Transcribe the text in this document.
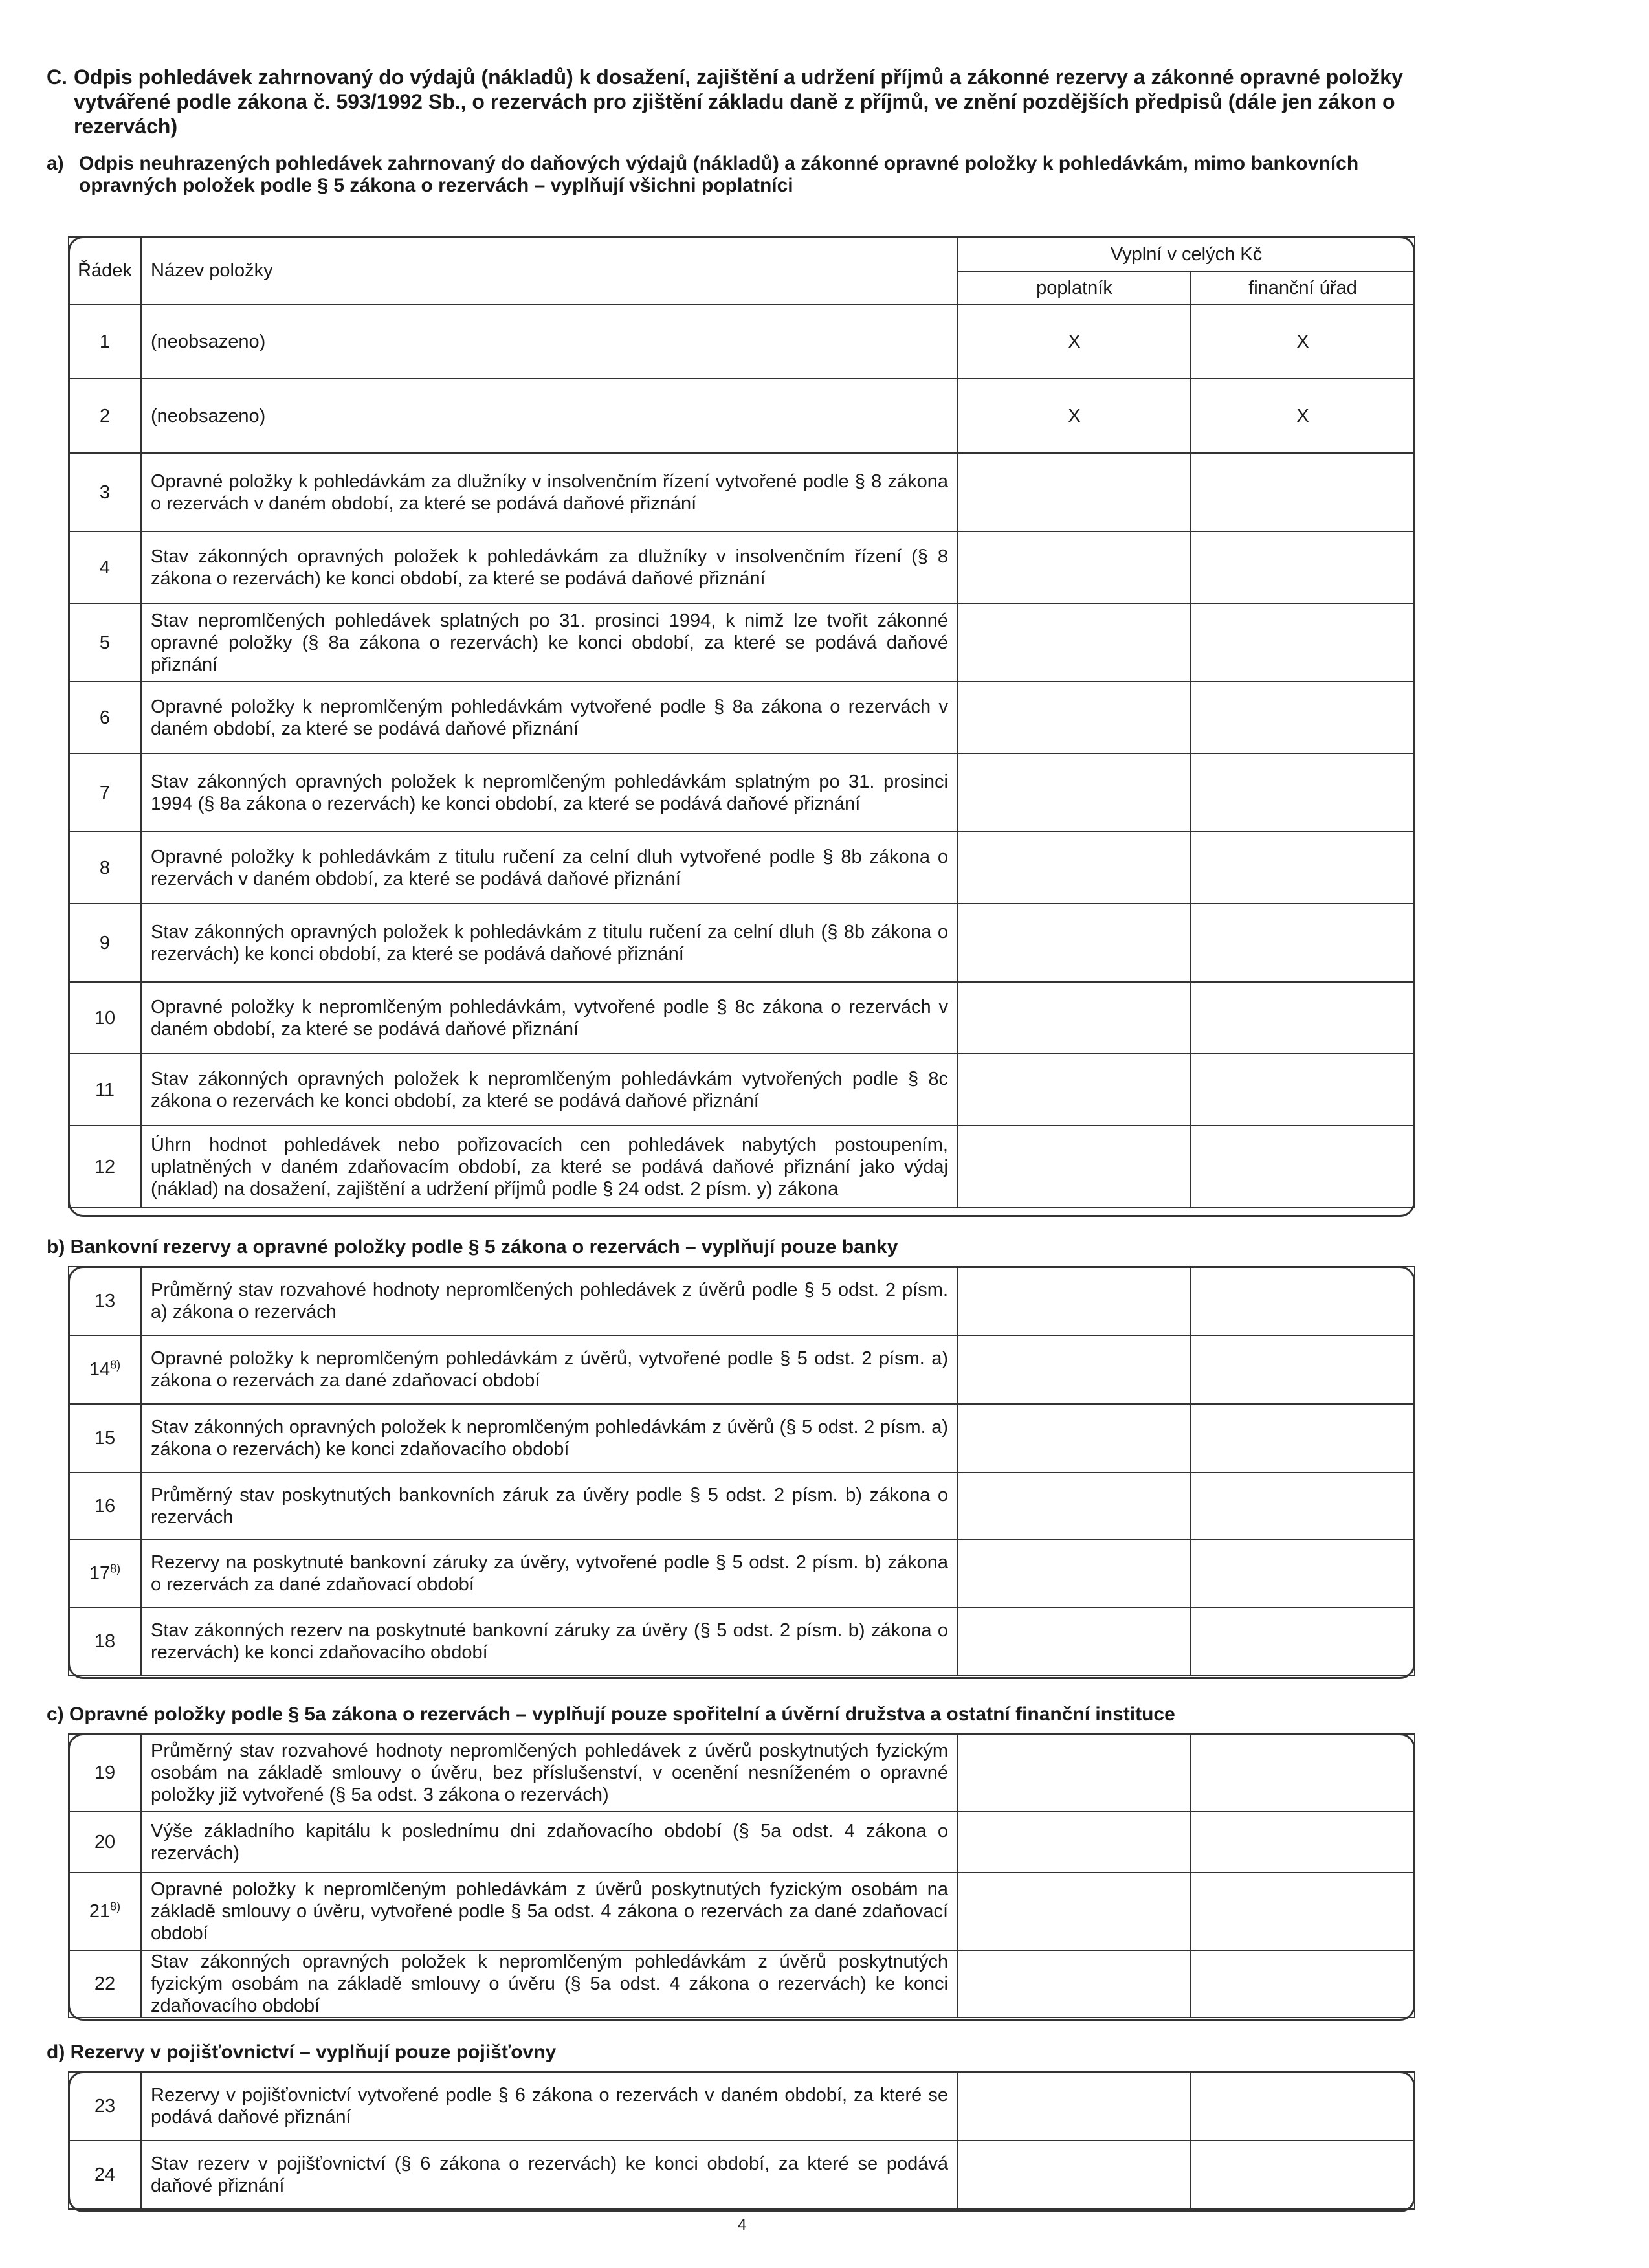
C. Odpis pohledávek zahrnovaný do výdajů (nákladů) k dosažení, zajištění a udržení příjmů a zákonné rezervy a zákonné opravné položky vytvářené podle zákona č. 593/1992 Sb., o rezervách pro zjištění základu daně z příjmů, ve znění pozdějších předpisů (dále jen zákon o rezervách)
a) Odpis neuhrazených pohledávek zahrnovaný do daňových výdajů (nákladů) a zákonné opravné položky k pohledávkám, mimo bankovních opravných položek podle § 5 zákona o rezervách – vyplňují všichni poplatníci
Řádek	Název položky	Vyplní v celých Kč	
		poplatník	finanční úřad
1	(neobsazeno)	X	X
2	(neobsazeno)	X	X
3	Opravné položky k pohledávkám za dlužníky v insolvenčním řízení vytvořené podle § 8 zákona o rezervách v daném období, za které se podává daňové přiznání		
4	Stav zákonných opravných položek k pohledávkám za dlužníky v insolvenčním řízení (§ 8 zákona o rezervách) ke konci období, za které se podává daňové přiznání		
5	Stav nepromlčených pohledávek splatných po 31. prosinci 1994, k nimž lze tvořit zákonné opravné položky (§ 8a zákona o rezervách) ke konci období, za které se podává daňové přiznání		
6	Opravné položky k nepromlčeným pohledávkám vytvořené podle § 8a zákona o rezervách v daném období, za které se podává daňové přiznání		
7	Stav zákonných opravných položek k nepromlčeným pohledávkám splatným po 31. prosinci 1994 (§ 8a zákona o rezervách) ke konci období, za které se podává daňové přiznání		
8	Opravné položky k pohledávkám z titulu ručení za celní dluh vytvořené podle § 8b zákona o rezervách v daném období, za které se podává daňové přiznání		
9	Stav zákonných opravných položek k pohledávkám z titulu ručení za celní dluh (§ 8b zákona o rezervách) ke konci období, za které se podává daňové přiznání		
10	Opravné položky k nepromlčeným pohledávkám, vytvořené podle § 8c zákona o rezervách v daném období, za které se podává daňové přiznání		
11	Stav zákonných opravných položek k nepromlčeným pohledávkám vytvořených podle § 8c zákona o rezervách ke konci období, za které se podává daňové přiznání		
12	Úhrn hodnot pohledávek nebo pořizovacích cen pohledávek nabytých postoupením, uplatněných v daném zdaňovacím období, za které se podává daňové přiznání jako výdaj (náklad) na dosažení, zajištění a udržení příjmů podle § 24 odst. 2 písm. y) zákona		
b) Bankovní rezervy a opravné položky podle § 5 zákona o rezervách – vyplňují pouze banky
13	Průměrný stav rozvahové hodnoty nepromlčených pohledávek z úvěrů podle § 5 odst. 2 písm. a) zákona o rezervách		
14$^{8)}$	Opravné položky k nepromlčeným pohledávkám z úvěrů, vytvořené podle § 5 odst. 2 písm. a) zákona o rezervách za dané zdaňovací období		
15	Stav zákonných opravných položek k nepromlčeným pohledávkám z úvěrů (§ 5 odst. 2 písm. a) zákona o rezervách) ke konci zdaňovacího období		
16	Průměrný stav poskytnutých bankovních záruk za úvěry podle § 5 odst. 2 písm. b) zákona o rezervách		
17$^{8)}$	Rezervy na poskytnuté bankovní záruky za úvěry, vytvořené podle § 5 odst. 2 písm. b) zákona o rezervách za dané zdaňovací období		
18	Stav zákonných rezerv na poskytnuté bankovní záruky za úvěry (§ 5 odst. 2 písm. b) zákona o rezervách) ke konci zdaňovacího období		
c) Opravné položky podle § 5a zákona o rezervách – vyplňují pouze spořitelní a úvěrní družstva a ostatní finanční instituce
19	Průměrný stav rozvahové hodnoty nepromlčených pohledávek z úvěrů poskytnutých fyzickým osobám na základě smlouvy o úvěru, bez příslušenství, v ocenění nesníženém o opravné položky již vytvořené (§ 5a odst. 3 zákona o rezervách)		
20	Výše základního kapitálu k poslednímu dni zdaňovacího období (§ 5a odst. 4 zákona o rezervách)		
21$^{8)}$	Opravné položky k nepromlčeným pohledávkám z úvěrů poskytnutých fyzickým osobám na základě smlouvy o úvěru, vytvořené podle § 5a odst. 4 zákona o rezervách za dané zdaňovací období		
22	Stav zákonných opravných položek k nepromlčeným pohledávkám z úvěrů poskytnutých fyzickým osobám na základě smlouvy o úvěru (§ 5a odst. 4 zákona o rezervách) ke konci zdaňovacího období		
d) Rezervy v pojišťovnictví – vyplňují pouze pojišťovny
23	Rezervy v pojišťovnictví vytvořené podle § 6 zákona o rezervách v daném období, za které se podává daňové přiznání		
24	Stav rezerv v pojišťovnictví (§ 6 zákona o rezervách) ke konci období, za které se podává daňové přiznání		
4
